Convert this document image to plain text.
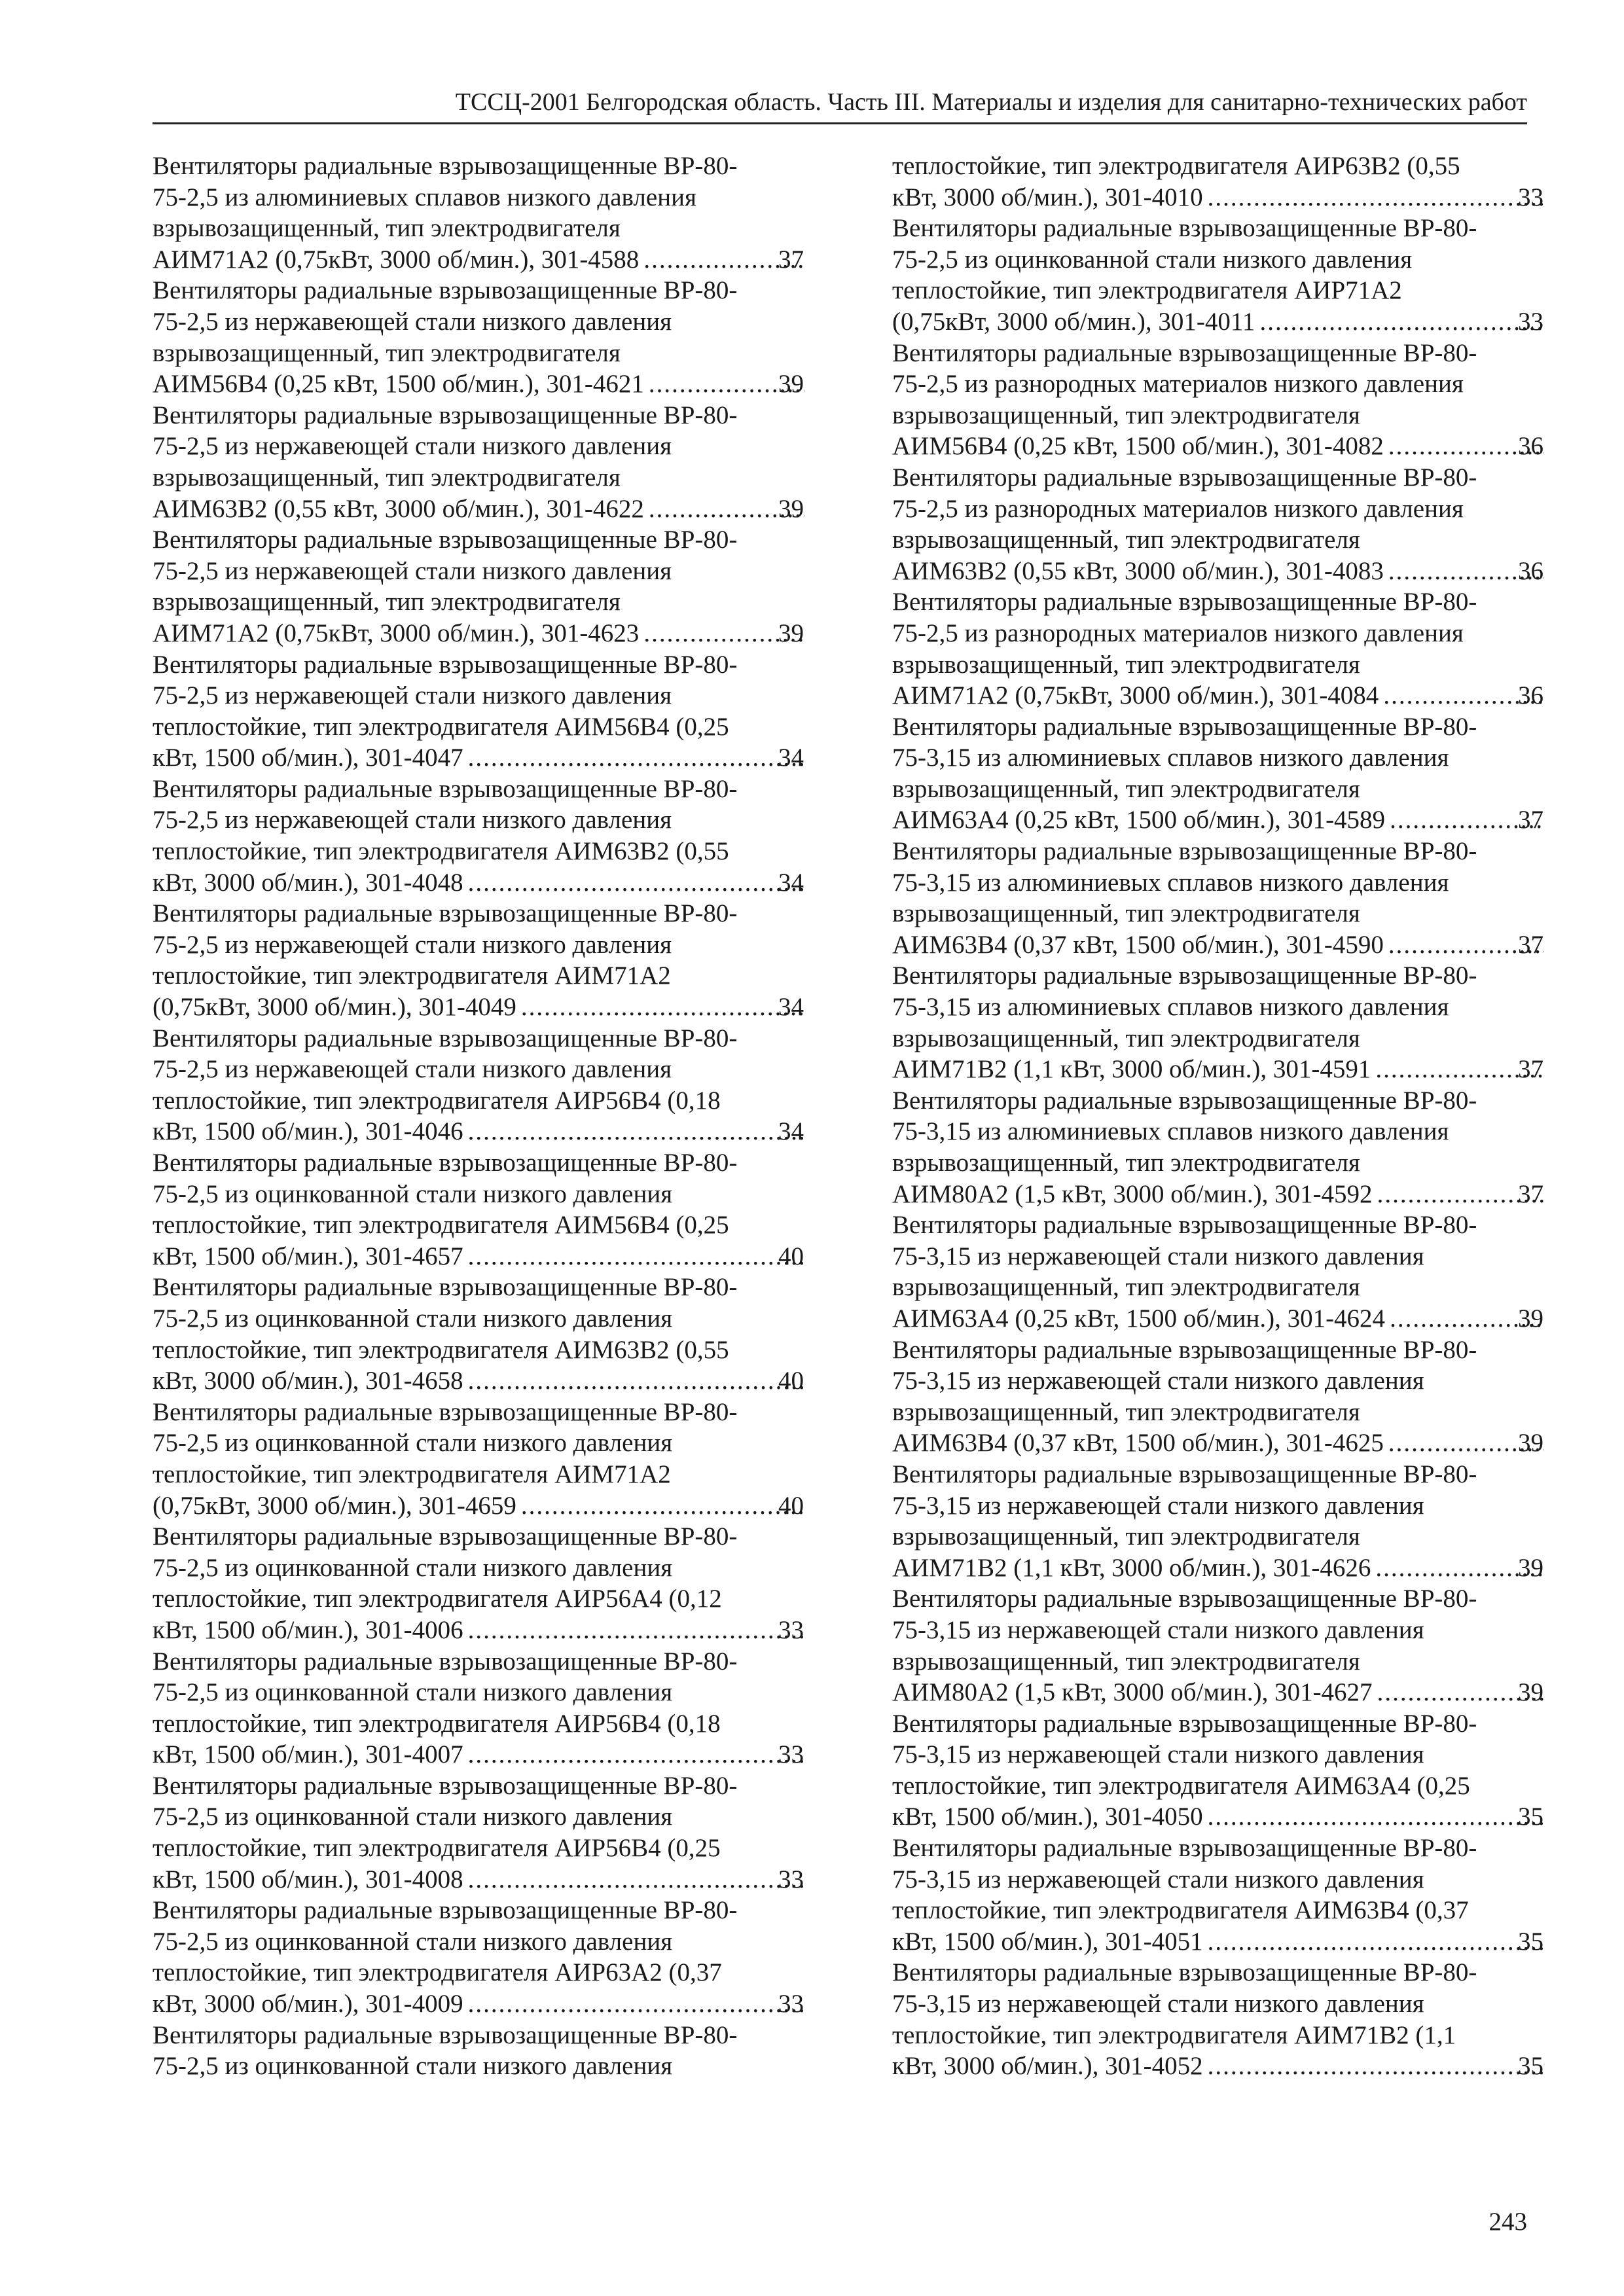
ТССЦ-2001 Белгородская область. Часть III. Материалы и изделия для санитарно-технических работ
Вентиляторы радиальные взрывозащищенные ВР-80-
75-2,5 из алюминиевых сплавов низкого давления
взрывозащищенный, тип электродвигателя
АИМ71А2 (0,75кВт, 3000 об/мин.), 301-4588 .....	37
Вентиляторы радиальные взрывозащищенные ВР-80-
75-2,5 из нержавеющей стали низкого давления
взрывозащищенный, тип электродвигателя
АИМ56В4 (0,25 кВт, 1500 об/мин.), 301-4621 .....	39
Вентиляторы радиальные взрывозащищенные ВР-80-
75-2,5 из нержавеющей стали низкого давления
взрывозащищенный, тип электродвигателя
АИМ63В2 (0,55 кВт, 3000 об/мин.), 301-4622 .....	39
Вентиляторы радиальные взрывозащищенные ВР-80-
75-2,5 из нержавеющей стали низкого давления
взрывозащищенный, тип электродвигателя
АИМ71А2 (0,75кВт, 3000 об/мин.), 301-4623 .....	39
Вентиляторы радиальные взрывозащищенные ВР-80-
75-2,5 из нержавеющей стали низкого давления
теплостойкие, тип электродвигателя АИМ56В4 (0,25
кВт, 1500 об/мин.), 301-4047 .....	34
Вентиляторы радиальные взрывозащищенные ВР-80-
75-2,5 из нержавеющей стали низкого давления
теплостойкие, тип электродвигателя АИМ63В2 (0,55
кВт, 3000 об/мин.), 301-4048 .....	34
Вентиляторы радиальные взрывозащищенные ВР-80-
75-2,5 из нержавеющей стали низкого давления
теплостойкие, тип электродвигателя АИМ71А2
(0,75кВт, 3000 об/мин.), 301-4049 .....	34
Вентиляторы радиальные взрывозащищенные ВР-80-
75-2,5 из нержавеющей стали низкого давления
теплостойкие, тип электродвигателя АИР56В4 (0,18
кВт, 1500 об/мин.), 301-4046 .....	34
Вентиляторы радиальные взрывозащищенные ВР-80-
75-2,5 из оцинкованной стали низкого давления
теплостойкие, тип электродвигателя АИМ56В4 (0,25
кВт, 1500 об/мин.), 301-4657 .....	40
Вентиляторы радиальные взрывозащищенные ВР-80-
75-2,5 из оцинкованной стали низкого давления
теплостойкие, тип электродвигателя АИМ63В2 (0,55
кВт, 3000 об/мин.), 301-4658 .....	40
Вентиляторы радиальные взрывозащищенные ВР-80-
75-2,5 из оцинкованной стали низкого давления
теплостойкие, тип электродвигателя АИМ71А2
(0,75кВт, 3000 об/мин.), 301-4659 .....	40
Вентиляторы радиальные взрывозащищенные ВР-80-
75-2,5 из оцинкованной стали низкого давления
теплостойкие, тип электродвигателя АИР56А4 (0,12
кВт, 1500 об/мин.), 301-4006 .....	33
Вентиляторы радиальные взрывозащищенные ВР-80-
75-2,5 из оцинкованной стали низкого давления
теплостойкие, тип электродвигателя АИР56В4 (0,18
кВт, 1500 об/мин.), 301-4007 .....	33
Вентиляторы радиальные взрывозащищенные ВР-80-
75-2,5 из оцинкованной стали низкого давления
теплостойкие, тип электродвигателя АИР56В4 (0,25
кВт, 1500 об/мин.), 301-4008 .....	33
Вентиляторы радиальные взрывозащищенные ВР-80-
75-2,5 из оцинкованной стали низкого давления
теплостойкие, тип электродвигателя АИР63А2 (0,37
кВт, 3000 об/мин.), 301-4009 .....	33
Вентиляторы радиальные взрывозащищенные ВР-80-
75-2,5 из оцинкованной стали низкого давления
теплостойкие, тип электродвигателя АИР63В2 (0,55
кВт, 3000 об/мин.), 301-4010 .....	33
Вентиляторы радиальные взрывозащищенные ВР-80-
75-2,5 из оцинкованной стали низкого давления
теплостойкие, тип электродвигателя АИР71А2
(0,75кВт, 3000 об/мин.), 301-4011 .....	33
Вентиляторы радиальные взрывозащищенные ВР-80-
75-2,5 из разнородных материалов низкого давления
взрывозащищенный, тип электродвигателя
АИМ56В4 (0,25 кВт, 1500 об/мин.), 301-4082 .....	36
Вентиляторы радиальные взрывозащищенные ВР-80-
75-2,5 из разнородных материалов низкого давления
взрывозащищенный, тип электродвигателя
АИМ63В2 (0,55 кВт, 3000 об/мин.), 301-4083 .....	36
Вентиляторы радиальные взрывозащищенные ВР-80-
75-2,5 из разнородных материалов низкого давления
взрывозащищенный, тип электродвигателя
АИМ71А2 (0,75кВт, 3000 об/мин.), 301-4084 .....	36
Вентиляторы радиальные взрывозащищенные ВР-80-
75-3,15 из алюминиевых сплавов низкого давления
взрывозащищенный, тип электродвигателя
АИМ63А4 (0,25 кВт, 1500 об/мин.), 301-4589 .....	37
Вентиляторы радиальные взрывозащищенные ВР-80-
75-3,15 из алюминиевых сплавов низкого давления
взрывозащищенный, тип электродвигателя
АИМ63В4 (0,37 кВт, 1500 об/мин.), 301-4590 .....	37
Вентиляторы радиальные взрывозащищенные ВР-80-
75-3,15 из алюминиевых сплавов низкого давления
взрывозащищенный, тип электродвигателя
АИМ71В2 (1,1 кВт, 3000 об/мин.), 301-4591 .....	37
Вентиляторы радиальные взрывозащищенные ВР-80-
75-3,15 из алюминиевых сплавов низкого давления
взрывозащищенный, тип электродвигателя
АИМ80А2 (1,5 кВт, 3000 об/мин.), 301-4592 .....	37
Вентиляторы радиальные взрывозащищенные ВР-80-
75-3,15 из нержавеющей стали низкого давления
взрывозащищенный, тип электродвигателя
АИМ63А4 (0,25 кВт, 1500 об/мин.), 301-4624 .....	39
Вентиляторы радиальные взрывозащищенные ВР-80-
75-3,15 из нержавеющей стали низкого давления
взрывозащищенный, тип электродвигателя
АИМ63В4 (0,37 кВт, 1500 об/мин.), 301-4625 .....	39
Вентиляторы радиальные взрывозащищенные ВР-80-
75-3,15 из нержавеющей стали низкого давления
взрывозащищенный, тип электродвигателя
АИМ71В2 (1,1 кВт, 3000 об/мин.), 301-4626 .....	39
Вентиляторы радиальные взрывозащищенные ВР-80-
75-3,15 из нержавеющей стали низкого давления
взрывозащищенный, тип электродвигателя
АИМ80А2 (1,5 кВт, 3000 об/мин.), 301-4627 .....	39
Вентиляторы радиальные взрывозащищенные ВР-80-
75-3,15 из нержавеющей стали низкого давления
теплостойкие, тип электродвигателя АИМ63А4 (0,25
кВт, 1500 об/мин.), 301-4050 .....	35
Вентиляторы радиальные взрывозащищенные ВР-80-
75-3,15 из нержавеющей стали низкого давления
теплостойкие, тип электродвигателя АИМ63В4 (0,37
кВт, 1500 об/мин.), 301-4051 .....	35
Вентиляторы радиальные взрывозащищенные ВР-80-
75-3,15 из нержавеющей стали низкого давления
теплостойкие, тип электродвигателя АИМ71В2 (1,1
кВт, 3000 об/мин.), 301-4052 .....	35
243
